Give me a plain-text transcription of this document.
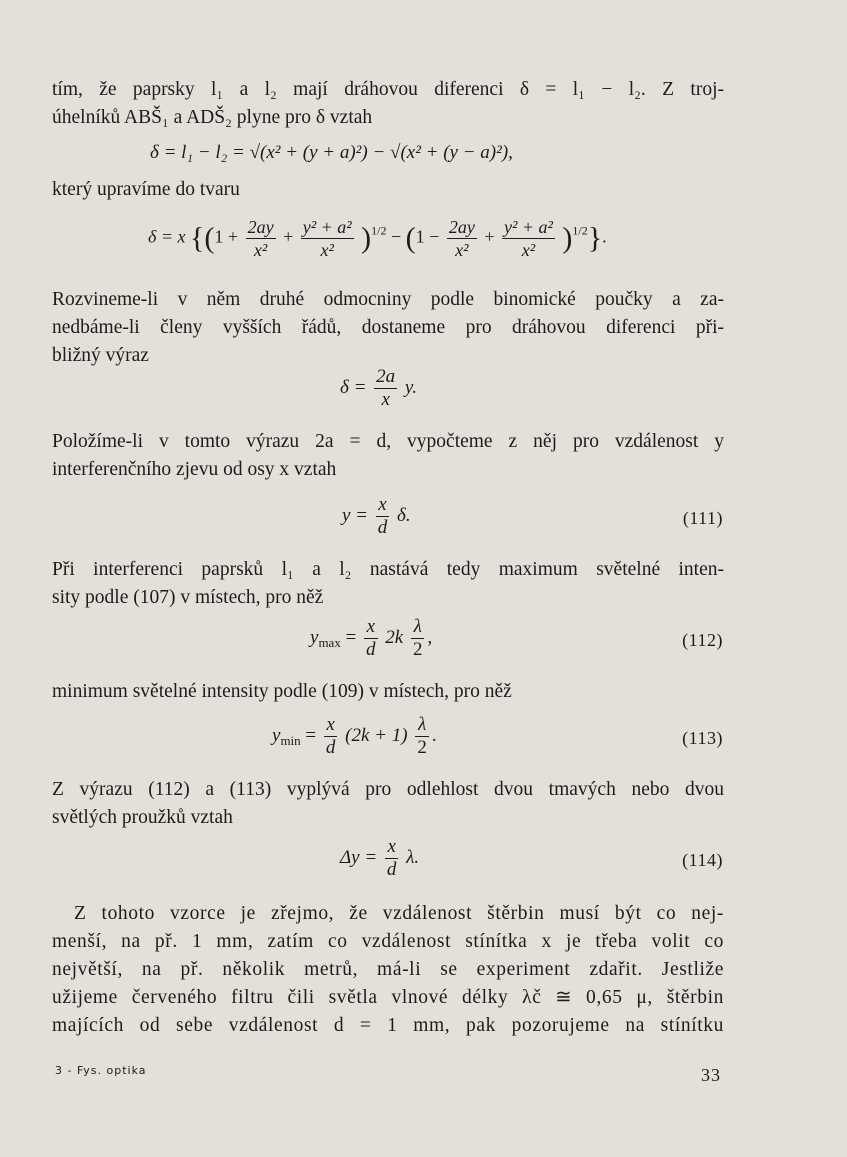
tím, že paprsky l₁ a l₂ mají dráhovou diferenci δ = l₁ − l₂. Z troj-
úhelníků ABŠ₁ a ADŠ₂ plyne pro δ vztah
δ = l₁ − l₂ = √(x² + (y + a)²) − √(x² + (y − a)²),
který upravíme do tvaru
δ = x $\{(1 + \frac{2ay}{\text{x²}} + \frac{\text{y² + a²}}{\text{x²}} )^{1/2} - (1 - \frac{2ay}{\text{x²}} + \frac{\text{y² + a²}}{\text{x²}} )^{1/2}\}$.
Rozvineme-li v něm druhé odmocniny podle binomické poučky a za-
nedbáme-li členy vyšších řádů, dostaneme pro dráhovou diferenci při-
bližný výraz
$\delta = \frac{2a}{x} y$.
Položíme-li v tomto výrazu 2a = d, vypočteme z něj pro vzdálenost y
interferenčního zjevu od osy x vztah
$y = \frac{x}{d} \delta$.	(111)
Při interferenci paprsků l₁ a l₂ nastává tedy maximum světelné inten-
sity podle (107) v místech, pro něž
$y_{max} = \frac{x}{d} 2k \frac{\lambda}{2}$ ,	(112)
minimum světelné intensity podle (109) v místech, pro něž
$y_{min} = \frac{x}{d} (2k + 1) \frac{\lambda}{2}$ .	(113)
Z výrazu (112) a (113) vyplývá pro odlehlost dvou tmavých nebo dvou
světlých proužků vztah
$\Delta y = \frac{x}{d} \lambda$.	(114)
Z tohoto vzorce je zřejmo, že vzdálenost štěrbin musí být co nej-
menší, na př. 1 mm, zatím co vzdálenost stínítka x je třeba volit co
největší, na př. několik metrů, má-li se experiment zdařit. Jestliže
užijeme červeného filtru čili světla vlnové délky λč ≅ 0,65 μ, štěrbin
majících od sebe vzdálenost d = 1 mm, pak pozorujeme na stínítku
3 - Fys. optika	33
